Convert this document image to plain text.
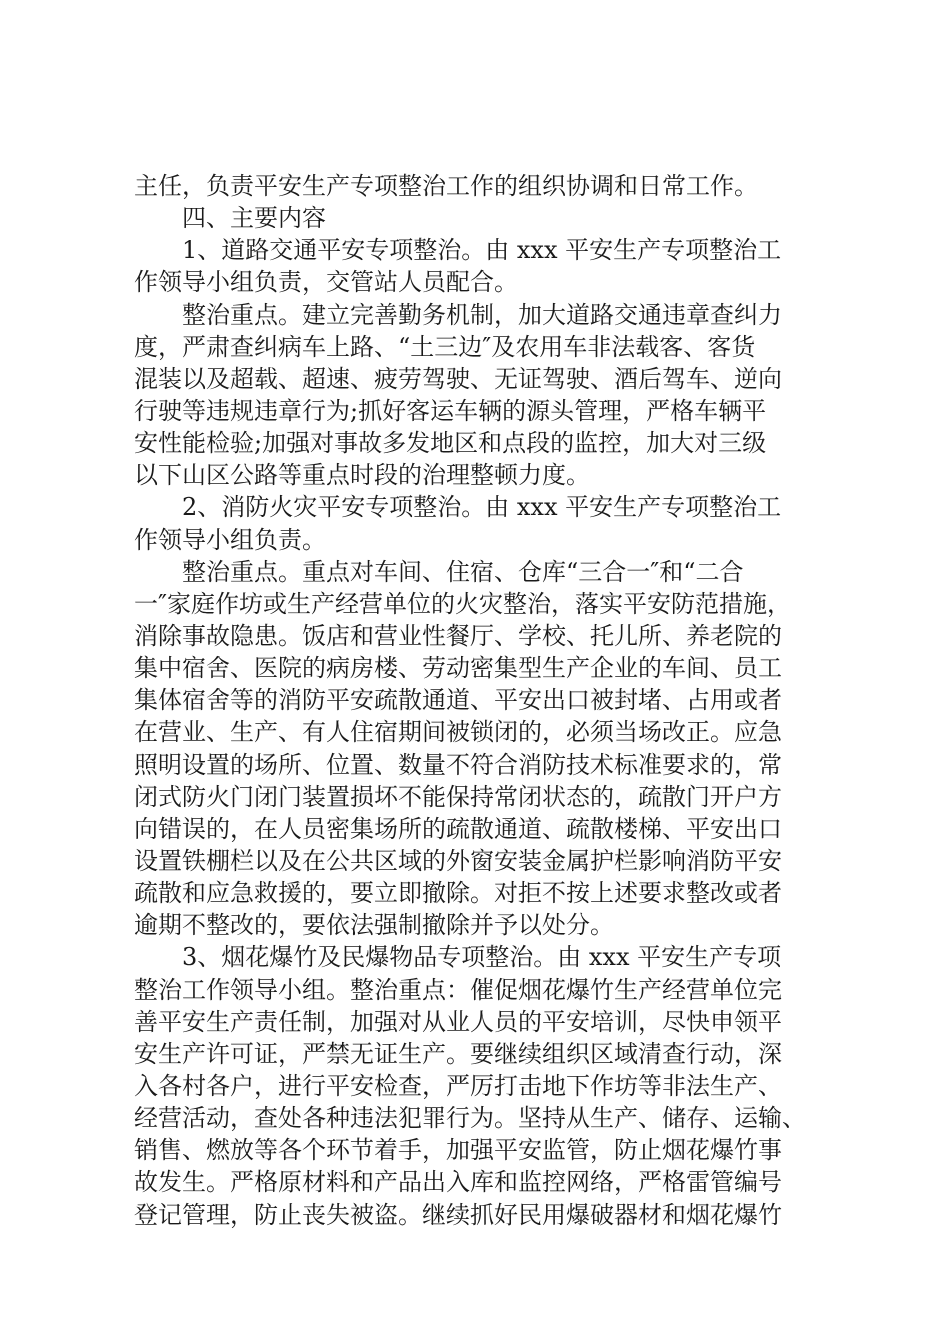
主任，负责平安生产专项整治工作的组织协调和日常工作。
四、主要内容
1、道路交通平安专项整治。由 xxx 平安生产专项整治工
作领导小组负责，交管站人员配合。
整治重点。建立完善勤务机制，加大道路交通违章查纠力
度，严肃查纠病车上路、“土三边″及农用车非法载客、客货
混装以及超载、超速、疲劳驾驶、无证驾驶、酒后驾车、逆向
行驶等违规违章行为;抓好客运车辆的源头管理，严格车辆平
安性能检验;加强对事故多发地区和点段的监控，加大对三级
以下山区公路等重点时段的治理整顿力度。
2、消防火灾平安专项整治。由 xxx 平安生产专项整治工
作领导小组负责。
整治重点。重点对车间、住宿、仓库“三合一″和“二合
一″家庭作坊或生产经营单位的火灾整治，落实平安防范措施，
消除事故隐患。饭店和营业性餐厅、学校、托儿所、养老院的
集中宿舍、医院的病房楼、劳动密集型生产企业的车间、员工
集体宿舍等的消防平安疏散通道、平安出口被封堵、占用或者
在营业、生产、有人住宿期间被锁闭的，必须当场改正。应急
照明设置的场所、位置、数量不符合消防技术标准要求的，常
闭式防火门闭门装置损坏不能保持常闭状态的，疏散门开户方
向错误的，在人员密集场所的疏散通道、疏散楼梯、平安出口
设置铁棚栏以及在公共区域的外窗安装金属护栏影响消防平安
疏散和应急救援的，要立即撤除。对拒不按上述要求整改或者
逾期不整改的，要依法强制撤除并予以处分。
3、烟花爆竹及民爆物品专项整治。由 xxx 平安生产专项
整治工作领导小组。整治重点：催促烟花爆竹生产经营单位完
善平安生产责任制，加强对从业人员的平安培训，尽快申领平
安生产许可证，严禁无证生产。要继续组织区域清查行动，深
入各村各户，进行平安检查，严厉打击地下作坊等非法生产、
经营活动，查处各种违法犯罪行为。坚持从生产、储存、运输、
销售、燃放等各个环节着手，加强平安监管，防止烟花爆竹事
故发生。严格原材料和产品出入库和监控网络，严格雷管编号
登记管理，防止丧失被盗。继续抓好民用爆破器材和烟花爆竹
